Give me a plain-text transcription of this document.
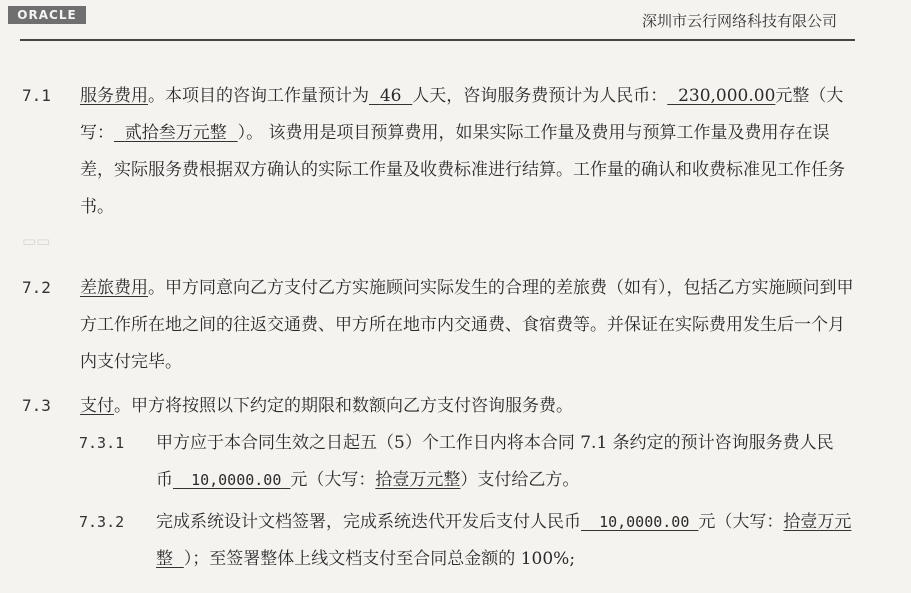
ORACLE	深圳市云行网络科技有限公司
▭▭
7.1	服务费用。本项目的咨询工作量预计为 46 人天，咨询服务费预计为人民币： 230,000.00元整（大写： 贰拾叁万元整 ）。 该费用是项目预算费用，如果实际工作量及费用与预算工作量及费用存在误差，实际服务费根据双方确认的实际工作量及收费标准进行结算。工作量的确认和收费标准见工作任务书。
7.2	差旅费用。甲方同意向乙方支付乙方实施顾问实际发生的合理的差旅费（如有），包括乙方实施顾问到甲方工作所在地之间的往返交通费、甲方所在地市内交通费、食宿费等。并保证在实际费用发生后一个月内支付完毕。
7.3	支付。甲方将按照以下约定的期限和数额向乙方支付咨询服务费。
7.3.1	甲方应于本合同生效之日起五（5）个工作日内将本合同 7.1 条约定的预计咨询服务费人民币 10,0000.00 元（大写：拾壹万元整）支付给乙方。
7.3.2	完成系统设计文档签署，完成系统迭代开发后支付人民币 10,0000.00 元（大写：拾壹万元整 ）；至签署整体上线文档支付至合同总金额的 100%;
